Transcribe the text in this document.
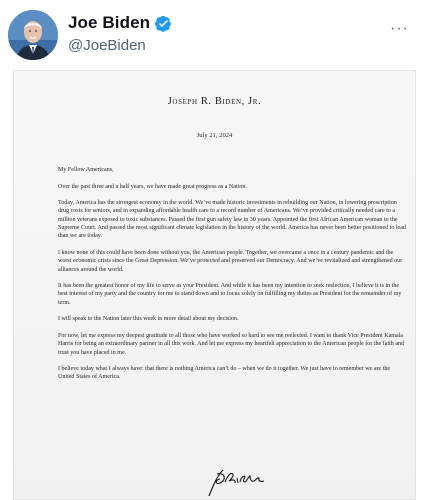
Joe Biden
@JoeBiden
···
Joseph R. Biden, Jr.
July 21, 2024

My Fellow Americans,

Over the past three and a half years, we have made great progress as a Nation.

Today, America has the strongest economy in the world. We’ve made historic investments in rebuilding our Nation, in lowering prescription drug costs for seniors, and in expanding affordable health care to a record number of Americans. We’ve provided critically needed care to a million veterans exposed to toxic substances. Passed the first gun safety law in 30 years. Appointed the first African American woman to the Supreme Court. And passed the most significant climate legislation in the history of the world. America has never been better positioned to lead than we are today.

I know none of this could have been done without you, the American people. Together, we overcame a once in a century pandemic and the worst economic crisis since the Great Depression. We’ve protected and preserved our Democracy. And we’ve revitalized and strengthened our alliances around the world.

It has been the greatest honor of my life to serve as your President. And while it has been my intention to seek reelection, I believe it is in the best interest of my party and the country for me to stand down and to focus solely on fulfilling my duties as President for the remainder of my term.

I will speak to the Nation later this week in more detail about my decision.

For now, let me express my deepest gratitude to all those who have worked so hard to see me reelected. I want to thank Vice President Kamala Harris for being an extraordinary partner in all this work. And let me express my heartfelt appreciation to the American people for the faith and trust you have placed in me.

I believe today what I always have: that there is nothing America can’t do – when we do it together. We just have to remember we are the United States of America.
